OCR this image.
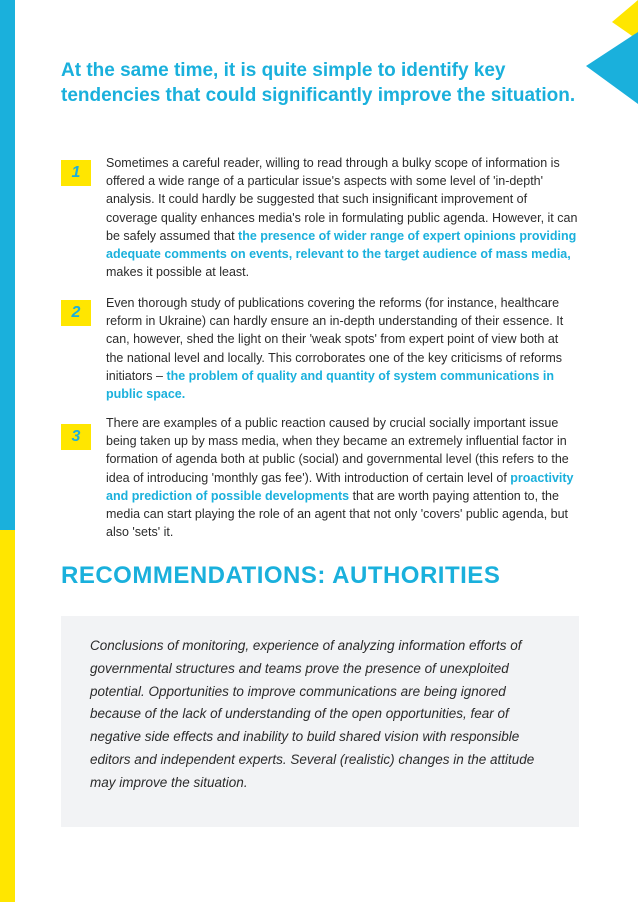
At the same time, it is quite simple to identify key tendencies that could significantly improve the situation.
1
Sometimes a careful reader, willing to read through a bulky scope of information is offered a wide range of a particular issue's aspects with some level of 'in-depth' analysis. It could hardly be suggested that such insignificant improvement of coverage quality enhances media's role in formulating public agenda. However, it can be safely assumed that the presence of wider range of expert opinions providing adequate comments on events, relevant to the target audience of mass media, makes it possible at least.
2
Even thorough study of publications covering the reforms (for instance, healthcare reform in Ukraine) can hardly ensure an in-depth understanding of their essence. It can, however, shed the light on their 'weak spots' from expert point of view both at the national level and locally. This corroborates one of the key criticisms of reforms initiators – the problem of quality and quantity of system communications in public space.
3
There are examples of a public reaction caused by crucial socially important issue being taken up by mass media, when they became an extremely influential factor in formation of agenda both at public (social) and governmental level (this refers to the idea of introducing 'monthly gas fee'). With introduction of certain level of proactivity and prediction of possible developments that are worth paying attention to, the media can start playing the role of an agent that not only 'covers' public agenda, but also 'sets' it.
RECOMMENDATIONS: AUTHORITIES
Conclusions of monitoring, experience of analyzing information efforts of governmental structures and teams prove the presence of unexploited potential. Opportunities to improve communications are being ignored because of the lack of understanding of the open opportunities, fear of negative side effects and inability to build shared vision with responsible editors and independent experts. Several (realistic) changes in the attitude may improve the situation.
